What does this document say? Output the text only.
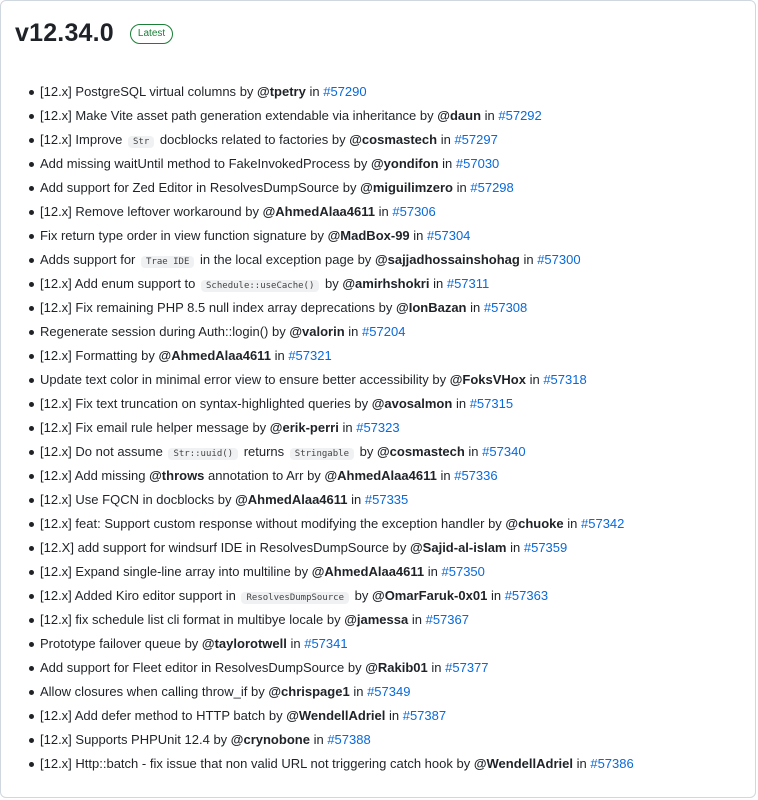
v12.34.0	Latest
[12.x] PostgreSQL virtual columns by @tpetry in #57290
[12.x] Make Vite asset path generation extendable via inheritance by @daun in #57292
[12.x] Improve Str docblocks related to factories by @cosmastech in #57297
Add missing waitUntil method to FakeInvokedProcess by @yondifon in #57030
Add support for Zed Editor in ResolvesDumpSource by @miguilimzero in #57298
[12.x] Remove leftover workaround by @AhmedAlaa4611 in #57306
Fix return type order in view function signature by @MadBox-99 in #57304
Adds support for Trae IDE in the local exception page by @sajjadhossainshohag in #57300
[12.x] Add enum support to Schedule::useCache() by @amirhshokri in #57311
[12.x] Fix remaining PHP 8.5 null index array deprecations by @IonBazan in #57308
Regenerate session during Auth::login() by @valorin in #57204
[12.x] Formatting by @AhmedAlaa4611 in #57321
Update text color in minimal error view to ensure better accessibility by @FoksVHox in #57318
[12.x] Fix text truncation on syntax-highlighted queries by @avosalmon in #57315
[12.x] Fix email rule helper message by @erik-perri in #57323
[12.x] Do not assume Str::uuid() returns Stringable by @cosmastech in #57340
[12.x] Add missing @throws annotation to Arr by @AhmedAlaa4611 in #57336
[12.x] Use FQCN in docblocks by @AhmedAlaa4611 in #57335
[12.x] feat: Support custom response without modifying the exception handler by @chuoke in #57342
[12.X] add support for windsurf IDE in ResolvesDumpSource by @Sajid-al-islam in #57359
[12.x] Expand single-line array into multiline by @AhmedAlaa4611 in #57350
[12.x] Added Kiro editor support in ResolvesDumpSource by @OmarFaruk-0x01 in #57363
[12.x] fix schedule list cli format in multibye locale by @jamessa in #57367
Prototype failover queue by @taylorotwell in #57341
Add support for Fleet editor in ResolvesDumpSource by @Rakib01 in #57377
Allow closures when calling throw_if by @chrispage1 in #57349
[12.x] Add defer method to HTTP batch by @WendellAdriel in #57387
[12.x] Supports PHPUnit 12.4 by @crynobone in #57388
[12.x] Http::batch - fix issue that non valid URL not triggering catch hook by @WendellAdriel in #57386
